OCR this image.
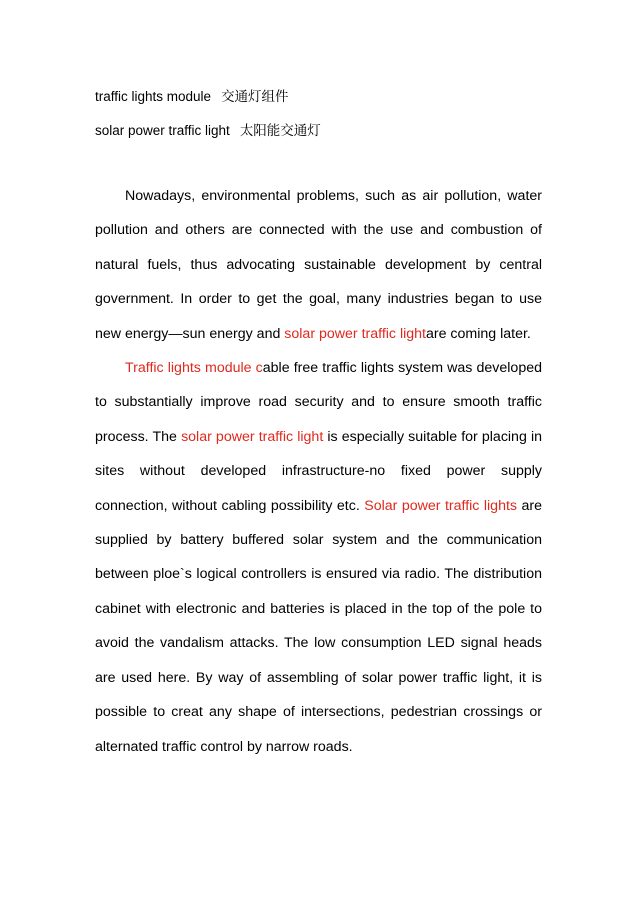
traffic lights module 交通灯组件
solar power traffic light 太阳能交通灯

Nowadays, environmental problems, such as air pollution, water pollution and others are connected with the use and combustion of natural fuels, thus advocating sustainable development by central government. In order to get the goal, many industries began to use new energy—sun energy and solar power traffic lightare coming later.

Traffic lights module cable free traffic lights system was developed to substantially improve road security and to ensure smooth traffic process. The solar power traffic light is especially suitable for placing in sites without developed infrastructure-no fixed power supply connection, without cabling possibility etc. Solar power traffic lights are supplied by battery buffered solar system and the communication between ploe`s logical controllers is ensured via radio. The distribution cabinet with electronic and batteries is placed in the top of the pole to avoid the vandalism attacks. The low consumption LED signal heads are used here. By way of assembling of solar power traffic light, it is possible to creat any shape of intersections, pedestrian crossings or alternated traffic control by narrow roads.
